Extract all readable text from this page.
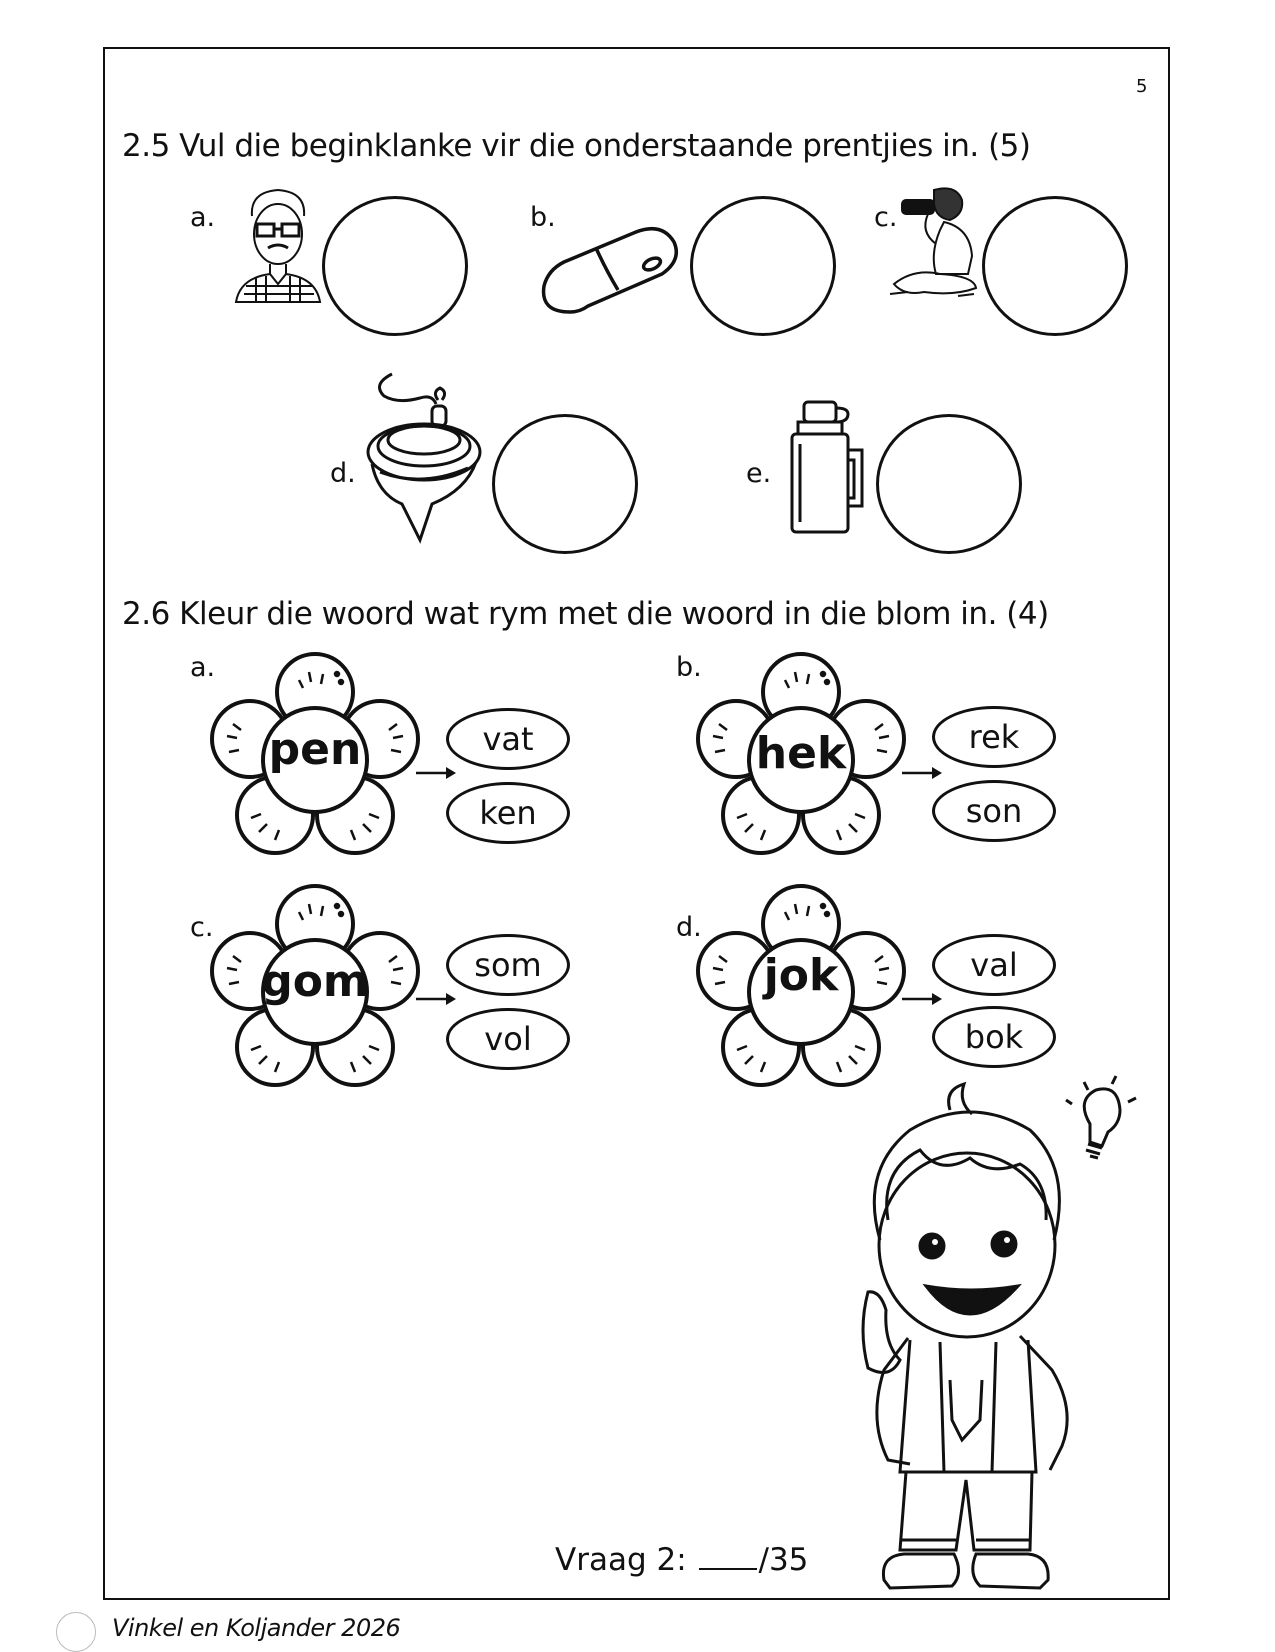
5
2.5 Vul die beginklanke vir die onderstaande prentjies in. (5)
a.	b.	c.
d.	e.
2.6 Kleur die woord wat rym met die woord in die blom in. (4)
a.
pen	vat
ken
b.
hek	rek
son
c.
gom	som
vol
d.
jok	val
bok
Vraag 2: /35
Vinkel en Koljander 2026
